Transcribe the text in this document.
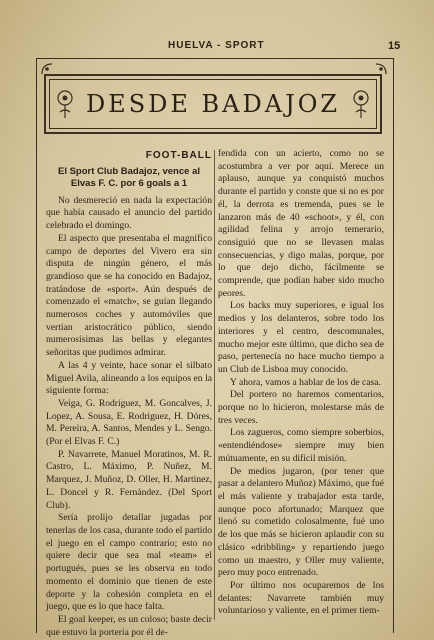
HUELVA - SPORT	15
DESDE BADAJOZ
FOOT-BALL
El Sport Club Badajoz, vence al Elvas F. C. por 6 goals a 1

No desmereció en nada la expectación que había causado el anuncio del partido celebrado el domingo.

El aspecto que presentaba el magnífico campo de deportes del Vivero era sin disputa de ningún género, el más grandioso que se ha conocido en Badajoz, tratándose de «sport». Aún después de comenzado el «match», se guían llegando numerosos coches y automóviles que vertían aristocrático público, siendo numerosísimas las bellas y elegantes señoritas que pudimos admirar.

A las 4 y veinte, hace sonar el silbato Miguel Avila, alineando a los equipos en la siguiente forma:

Veiga, G. Rodríguez, M. Goncalves, J. Lopez, A. Sousa, E. Rodriguez, H. Dóres, M. Pereira, A. Santos, Mendes y L. Sengo. (Por el Elvas F. C.)

P. Navarrete, Manuel Moratinos, M. R. Castro, L. Máximo, P. Nuñez, M. Marquez, J. Muñoz, D. Oller, H. Martinez, L. Doncel y R. Fernández. (Del Sport Club).

Sería prolijo detallar jugadas por tenerlas de los casa, durante todo el partido el juego en el campo contrario; esto no quiere decir que sea mal «team» el portugués, pues se les observa en todo momento el dominio que tienen de este deporte y la cohesión completa en el juego, que es lo que hace falta.

El goal keeper, es un coloso; baste decir que estuvo la portería por él de-

fendida con un acierto, como no se acostumbra a ver por aquí. Merece un aplauso, aunque ya conquistó muchos durante el partido y conste que si no es por él, la derrota es tremenda, pues se le lanzaron más de 40 «schoot», y él, con agilidad felina y arrojo temerario, consiguió que no se llevasen malas consecuencias, y digo malas, porque, por lo que dejo dicho, fácilmente se comprende, que podían haber sido mucho peores.

Los backs muy superiores, e igual los medios y los delanteros, sobre todo los interiores y el centro, descomunales, mucho mejor este último, que dicho sea de paso, pertenecía no hace mucho tiempo a un Club de Lisboa muy conocido.

Y ahora, vamos a hablar de los de casa.

Del portero no haremos comentarios, porque no lo hicieron, molestarse más de tres veces.

Los zagueros, como siempre soberbios, «entendiéndose» siempre muy bien mútuamente, en su difícil misión.

De medios jugaron, (por tener que pasar a delantero Muñoz) Máximo, que fué el más valiente y trabajador esta tarde, aunque poco afortunado; Marquez que llenó su cometido colosalmente, fué uno de los que más se hicieron aplaudir con su clásico «dribbling» y repartiendo juego como un maestro, y Oller muy valiente, pero muy poco entrenado.

Por último nos ocuparemos de los delantes: Navarrete también muy voluntarioso y valiente, en el primer tiem-
